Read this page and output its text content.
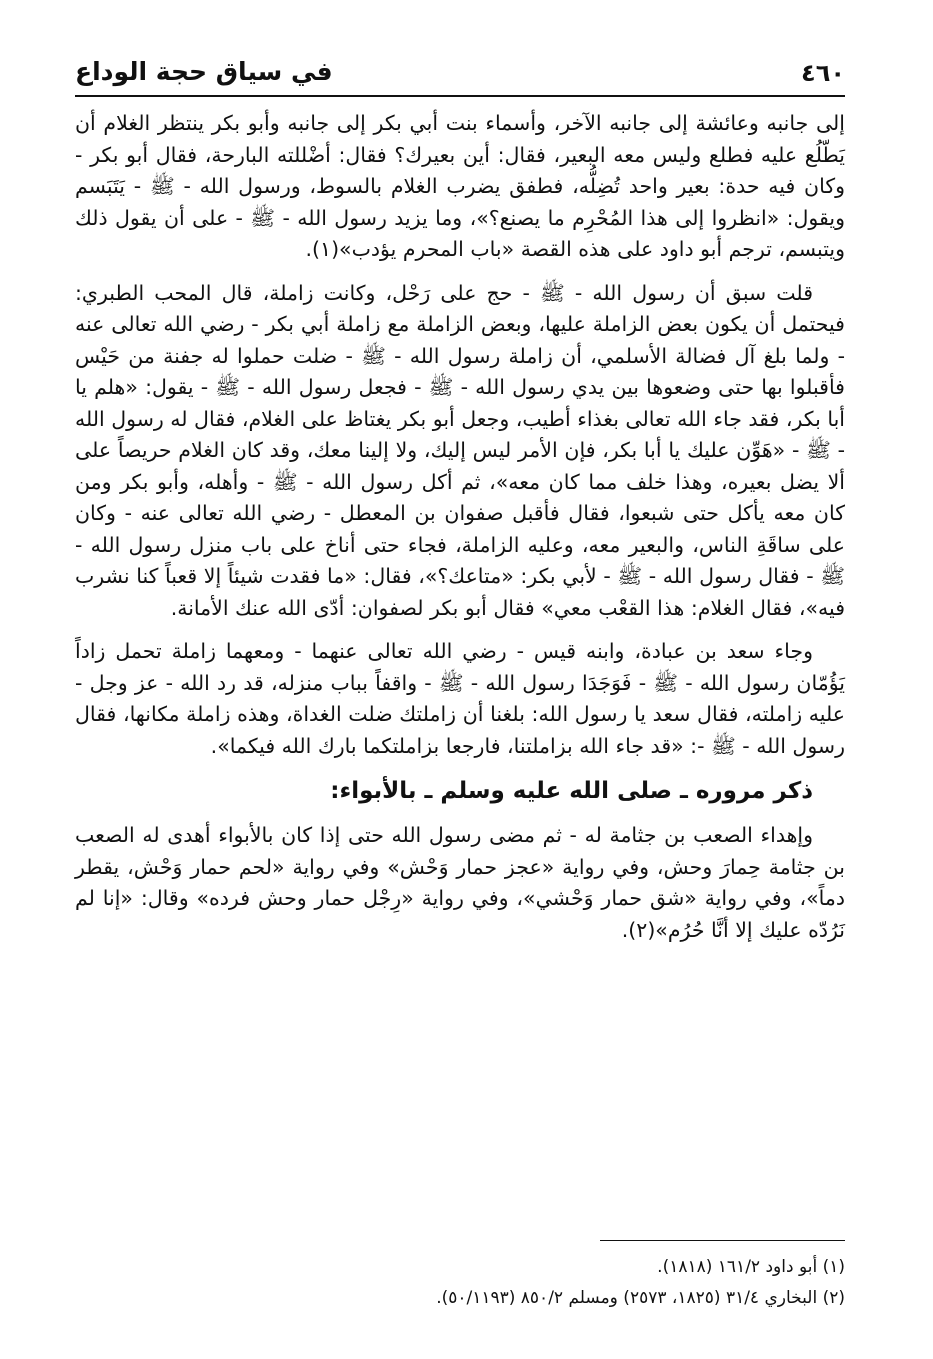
٤٦٠
في سياق حجة الوداع

إلى جانبه وعائشة إلى جانبه الآخر، وأسماء بنت أبي بكر إلى جانبه وأبو بكر ينتظر الغلام أن يَطّلُع عليه فطلع وليس معه البعير، فقال: أين بعيرك؟ فقال: أضْللته البارحة، فقال أبو بكر - وكان فيه حدة: بعير واحد تُضِلُّه، فطفق يضرب الغلام بالسوط، ورسول الله - ﷺ - يَتَبَسم ويقول: «انظروا إلى هذا المُحْرِم ما يصنع؟»، وما يزيد رسول الله - ﷺ - على أن يقول ذلك ويتبسم، ترجم أبو داود على هذه القصة «باب المحرم يؤدب»(١).

قلت سبق أن رسول الله - ﷺ - حج على رَحْل، وكانت زاملة، قال المحب الطبري: فيحتمل أن يكون بعض الزاملة عليها، وبعض الزاملة مع زاملة أبي بكر - رضي الله تعالى عنه - ولما بلغ آل فضالة الأسلمي، أن زاملة رسول الله - ﷺ - ضلت حملوا له جفنة من حَيْس فأقبلوا بها حتى وضعوها بين يدي رسول الله - ﷺ - فجعل رسول الله - ﷺ - يقول: «هلم يا أبا بكر، فقد جاء الله تعالى بغذاء أطيب، وجعل أبو بكر يغتاظ على الغلام، فقال له رسول الله - ﷺ - «هَوِّن عليك يا أبا بكر، فإن الأمر ليس إليك، ولا إلينا معك، وقد كان الغلام حريصاً على ألا يضل بعيره، وهذا خلف مما كان معه»، ثم أكل رسول الله - ﷺ - وأهله، وأبو بكر ومن كان معه يأكل حتى شبعوا، فقال فأقبل صفوان بن المعطل - رضي الله تعالى عنه - وكان على ساقَةِ الناس، والبعير معه، وعليه الزاملة، فجاء حتى أناخ على باب منزل رسول الله - ﷺ - فقال رسول الله - ﷺ - لأبي بكر: «متاعك؟»، فقال: «ما فقدت شيئاً إلا قعباً كنا نشرب فيه»، فقال الغلام: هذا القعْب معي» فقال أبو بكر لصفوان: أدّى الله عنك الأمانة.

وجاء سعد بن عبادة، وابنه قيس - رضي الله تعالى عنهما - ومعهما زاملة تحمل زاداً يَؤُمّان رسول الله - ﷺ - فَوَجَدَا رسول الله - ﷺ - واقفاً بباب منزله، قد رد الله - عز وجل - عليه زاملته، فقال سعد يا رسول الله: بلغنا أن زاملتك ضلت الغداة، وهذه زاملة مكانها، فقال رسول الله - ﷺ -: «قد جاء الله بزاملتنا، فارجعا بزاملتكما بارك الله فيكما».

ذكر مروره ـ صلى الله عليه وسلم ـ بالأبواء:

وإهداء الصعب بن جثامة له - ثم مضى رسول الله حتى إذا كان بالأبواء أهدى له الصعب بن جثامة حِمارَ وحش، وفي رواية «عجز حمار وَحْش» وفي رواية «لحم حمار وَحْش، يقطر دماً»، وفي رواية «شق حمار وَحْشي»، وفي رواية «رِجْل حمار وحش فرده» وقال: «إنا لم نَرُدّه عليك إلا أنَّا حُرُم»(٢).

(١) أبو داود ١٦١/٢ (١٨١٨).
(٢) البخاري ٣١/٤ (١٨٢٥، ٢٥٧٣) ومسلم ٨٥٠/٢ (٥٠/١١٩٣).
